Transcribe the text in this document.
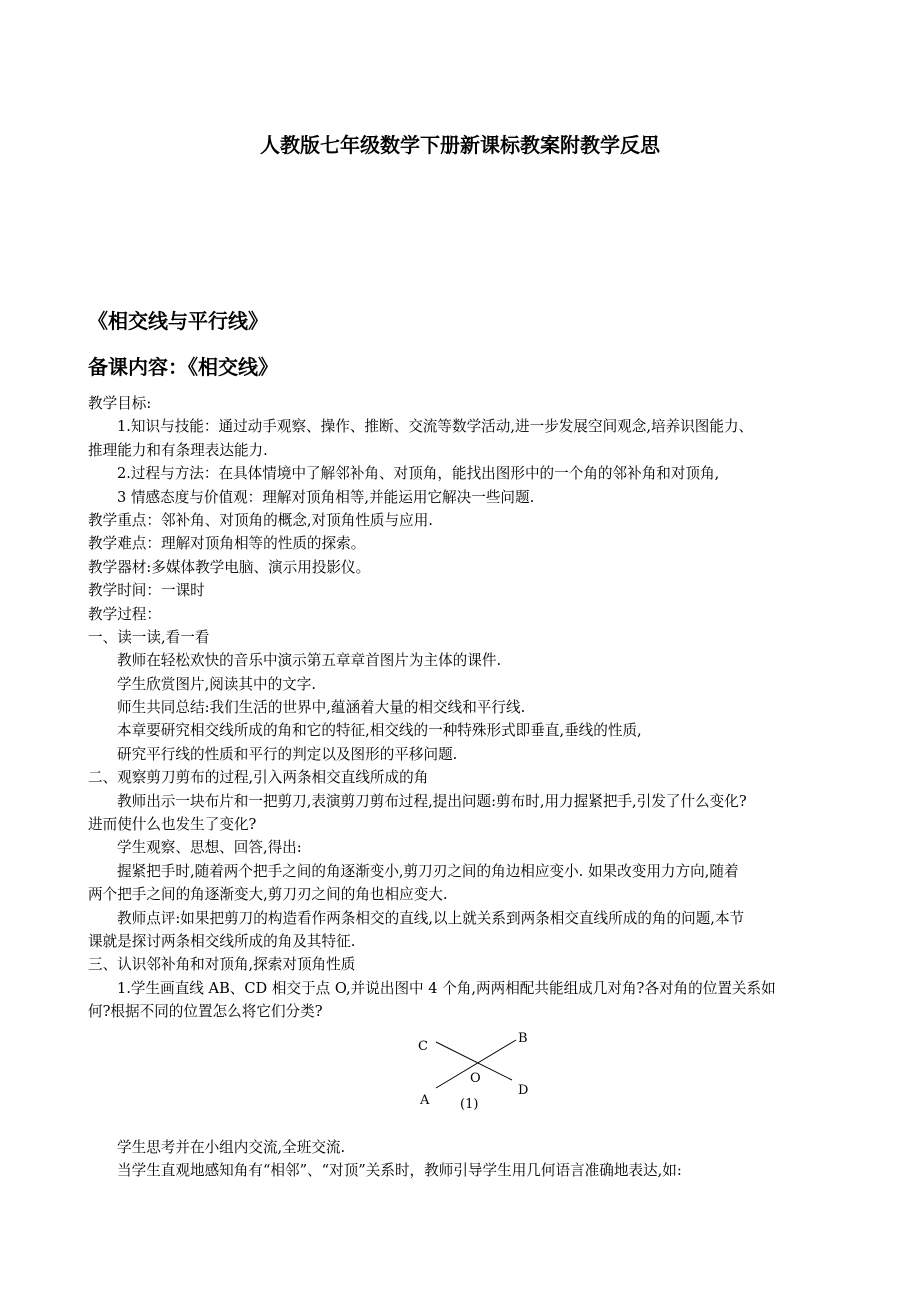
人教版七年级数学下册新课标教案附教学反思
《相交线与平行线》
备课内容：《相交线》
教学目标:
1.知识与技能：通过动手观察、操作、推断、交流等数学活动,进一步发展空间观念,培养识图能力、
推理能力和有条理表达能力.
2.过程与方法：在具体情境中了解邻补角、对顶角，能找出图形中的一个角的邻补角和对顶角,
3 情感态度与价值观：理解对顶角相等,并能运用它解决一些问题.
教学重点：邻补角、对顶角的概念,对顶角性质与应用.
教学难点：理解对顶角相等的性质的探索。
教学器材:多媒体教学电脑、演示用投影仪。
教学时间：一课时
教学过程：
一、读一读,看一看
教师在轻松欢快的音乐中演示第五章章首图片为主体的课件.
学生欣赏图片,阅读其中的文字.
师生共同总结:我们生活的世界中,蕴涵着大量的相交线和平行线.
本章要研究相交线所成的角和它的特征,相交线的一种特殊形式即垂直,垂线的性质,
研究平行线的性质和平行的判定以及图形的平移问题.
二、观察剪刀剪布的过程,引入两条相交直线所成的角
教师出示一块布片和一把剪刀,表演剪刀剪布过程,提出问题:剪布时,用力握紧把手,引发了什么变化?
进而使什么也发生了变化?
学生观察、思想、回答,得出:
握紧把手时,随着两个把手之间的角逐渐变小,剪刀刃之间的角边相应变小. 如果改变用力方向,随着
两个把手之间的角逐渐变大,剪刀刃之间的角也相应变大.
教师点评:如果把剪刀的构造看作两条相交的直线,以上就关系到两条相交直线所成的角的问题,本节
课就是探讨两条相交线所成的角及其特征.
三、认识邻补角和对顶角,探索对顶角性质
1.学生画直线 AB、CD 相交于点 O,并说出图中 4 个角,两两相配共能组成几对角?各对角的位置关系如
何?根据不同的位置怎么将它们分类?
C
B
O
D
A (1)
学生思考并在小组内交流,全班交流.
当学生直观地感知角有“相邻”、“对顶”关系时，教师引导学生用几何语言准确地表达,如:
